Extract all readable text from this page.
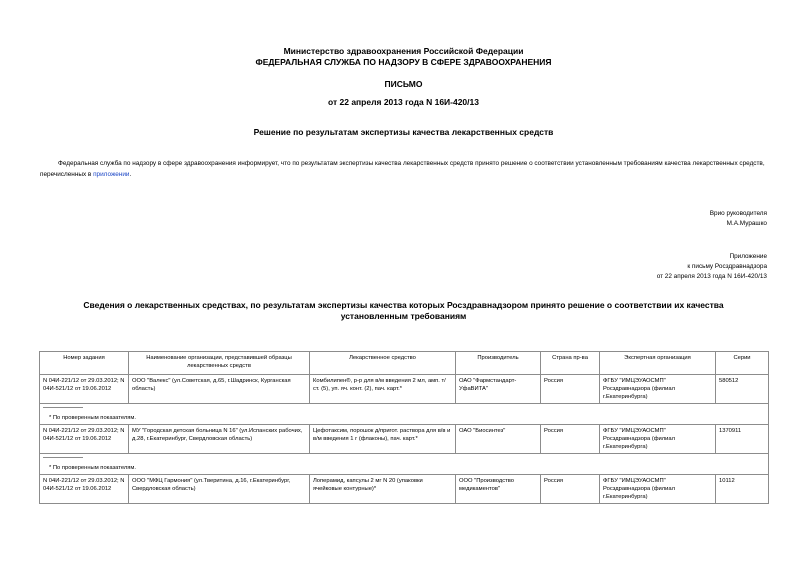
Министерство здравоохранения Российской Федерации
ФЕДЕРАЛЬНАЯ СЛУЖБА ПО НАДЗОРУ В СФЕРЕ ЗДРАВООХРАНЕНИЯ
ПИСЬМО
от 22 апреля 2013 года N 16И-420/13
Решение по результатам экспертизы качества лекарственных средств
Федеральная служба по надзору в сфере здравоохранения информирует, что по результатам экспертизы качества лекарственных средств принято решение о соответствии установленным требованиям качества лекарственных средств, перечисленных в приложении.
Врио руководителя
М.А.Мурашко
Приложение
к письму Росздравнадзора
от 22 апреля 2013 года N 16И-420/13
Сведения о лекарственных средствах, по результатам экспертизы качества которых Росздравнадзором принято решение о соответствии их качества установленным требованиям
Номер задания	Наименование организации, представившей образцы лекарственных средств	Лекарственное средство	Производитель	Страна пр-ва	Экспертная организация	Серии
N 04И-221/12 от 29.03.2012; N 04И-521/12 от 19.06.2012	ООО "Валекс" (ул.Советская, д.65, г.Шадринск, Курганская область)	Комбилипен®, р-р для в/м введения 2 мл, амп. т/ст. (5), уп. яч. конт. (2), пач. карт.*	ОАО "Фармстандарт-УфаВИТА"	Россия	ФГБУ "ИМЦЭУАОСМП" Росздравнадзора (филиал г.Екатеринбурга)	580512

* По проверенным показателям.						

N 04И-221/12 от 29.03.2012; N 04И-521/12 от 19.06.2012	МУ "Городская детская больница N 16" (ул.Испанских рабочих, д.28, г.Екатеринбург, Свердловская область)	Цефотаксим, порошок д/пригот. раствора для в/в и в/м введения 1 г (флаконы), пач. карт.*	ОАО "Биосинтез"	Россия	ФГБУ "ИМЦЭУАОСМП" Росздравнадзора (филиал г.Екатеринбурга)	1370911

* По проверенным показателям.						

N 04И-221/12 от 29.03.2012; N 04И-521/12 от 19.06.2012	ООО "МФЦ Гармония" (ул.Тверитина, д.16, г.Екатеринбург, Свердловская область)	Лоперамид, капсулы 2 мг N 20 (упаковки ячейковые контурные)*	ООО "Производство медикаментов"	Россия	ФГБУ "ИМЦЭУАОСМП" Росздравнадзора (филиал г.Екатеринбурга)	10112
